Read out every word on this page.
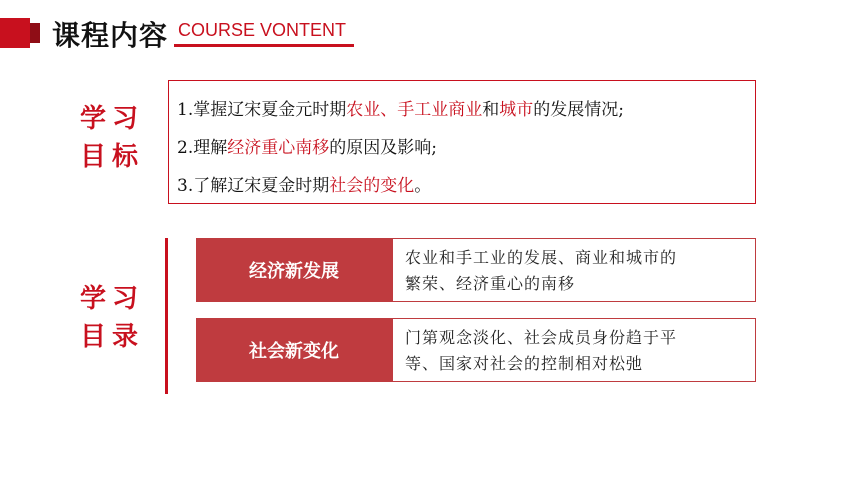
课程内容 COURSE VONTENT
学习
目标
1.掌握辽宋夏金元时期农业、手工业商业和城市的发展情况;
2.理解经济重心南移的原因及影响;
3.了解辽宋夏金时期社会的变化。
学习
目录
经济新发展
农业和手工业的发展、商业和城市的
繁荣、经济重心的南移
社会新变化
门第观念淡化、社会成员身份趋于平
等、国家对社会的控制相对松弛
